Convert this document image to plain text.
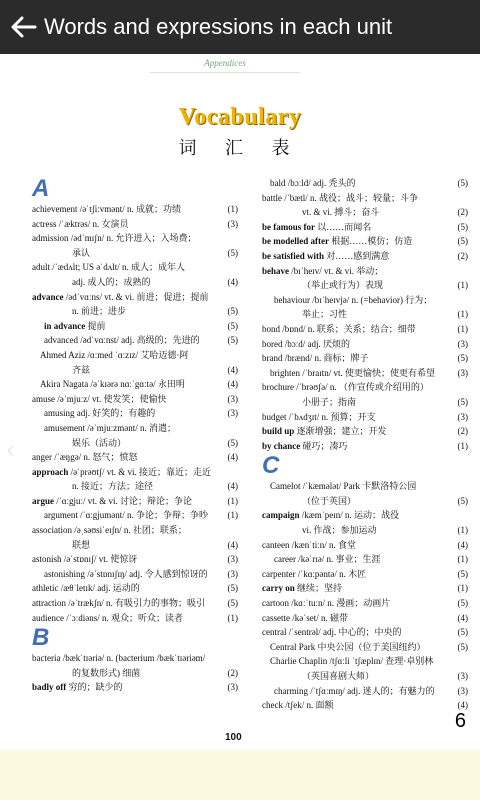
Words and expressions in each unit
Appendices
Vocabulary
词 汇 表
A
achievement /əˈtʃiːvmənt/ n. 成就；功绩	(1)
actress /ˈæktrəs/ n. 女演员	(3)
admission /ədˈmɪʃn/ n. 允许进入；入场费；
承认	(5)
adult /ˈædʌlt; US əˈdʌlt/ n. 成人；成年人
adj. 成人的；成熟的	(4)
advance /ədˈvɑːns/ vt. & vi. 前进；促进；提前
n. 前进；进步	(5)
in advance 提前	(5)
advanced /ədˈvɑːnst/ adj. 高级的；先进的	(5)
Ahmed Aziz /ɑːmed ˈɑːzɪz/ 艾哈迈德·阿
齐兹	(4)
Akira Nagata /əˈkɪərə nɑːˈgɑːtə/ 永田明	(4)
amuse /əˈmjuːz/ vt. 使发笑；使愉快	(3)
amusing adj. 好笑的；有趣的	(3)
amusement /əˈmjuːzmənt/ n. 消遣；
娱乐（活动）	(5)
anger /ˈæŋgə/ n. 怒气；愤怒	(4)
approach /əˈprəʊtʃ/ vt. & vi. 接近；靠近；走近
n. 接近；方法；途径	(4)
argue /ˈɑːgjuː/ vt. & vi. 讨论；辩论；争论	(1)
argument /ˈɑːgjumənt/ n. 争论；争辩；争吵 (1)
association /əˌsəʊsiˈeɪʃn/ n. 社团；联系；
联想	(4)
astonish /əˈstɒnɪʃ/ vt. 使惊讶	(3)
astonishing /əˈstɒnɪʃɪŋ/ adj. 令人感到惊讶的 (3)
athletic /æθˈletɪk/ adj. 运动的	(5)
attraction /əˈtrækʃn/ n. 有吸引力的事物；吸引	(5)
audience /ˈɔːdiəns/ n. 观众；听众；读者	(1)
B
bacteria /bækˈtɪəriə/ n. (bacterium /bækˈtɪəriəm/
的复数形式) 细菌	(2)
badly off 穷的；缺少的	(3)
bald /bɔːld/ adj. 秃头的	(5)
battle /ˈbætl/ n. 战役；战斗；较量；斗争
vt. & vi. 搏斗；奋斗	(2)
be famous for 以……而闻名	(5)
be modelled after 根据……模仿；仿造	(5)
be satisfied with 对……感到满意	(2)
behave /bɪˈheɪv/ vt. & vi. 举动；
（举止或行为）表现	(1)
behaviour /bɪˈheɪvjə/ n. (=behavior) 行为；
举止；习性	(1)
bond /bɒnd/ n. 联系；关系；结合；细带	(1)
bored /bɔːd/ adj. 厌烦的	(3)
brand /brænd/ n. 商标；牌子	(5)
brighten /ˈbraɪtn/ vt. 使更愉快；使更有希望	(3)
brochure /ˈbrəʊʃə/ n. （作宣传或介绍用的）
小册子；指南	(5)
budget /ˈbʌdʒɪt/ n. 预算；开支	(3)
build up 逐渐增强；建立；开发	(2)
by chance 碰巧；凑巧	(1)
C
Camelot /ˈkæmələt/ Park 卡默洛特公园
（位于英国）	(5)
campaign /kæmˈpeɪn/ n. 运动；战役
vi. 作战；参加运动	(1)
canteen /kænˈtiːn/ n. 食堂	(4)
career /kəˈrɪə/ n. 事业；生涯	(1)
carpenter /ˈkɑːpəntə/ n. 木匠	(5)
carry on 继续；坚持	(1)
cartoon /kɑːˈtuːn/ n. 漫画；动画片	(5)
cassette /kəˈset/ n. 磁带	(4)
central /ˈsentrəl/ adj. 中心的；中央的	(5)
Central Park 中央公园（位于美国纽约）	(5)
Charlie Chaplin /tʃɑːli ˈtʃæplɪn/ 查理·卓别林
（英国喜剧大师）	(3)
charming /ˈtʃɑːmɪŋ/ adj. 迷人的；有魅力的	(3)
check /tʃek/ n. 面额	(4)
‹	›
100
6
